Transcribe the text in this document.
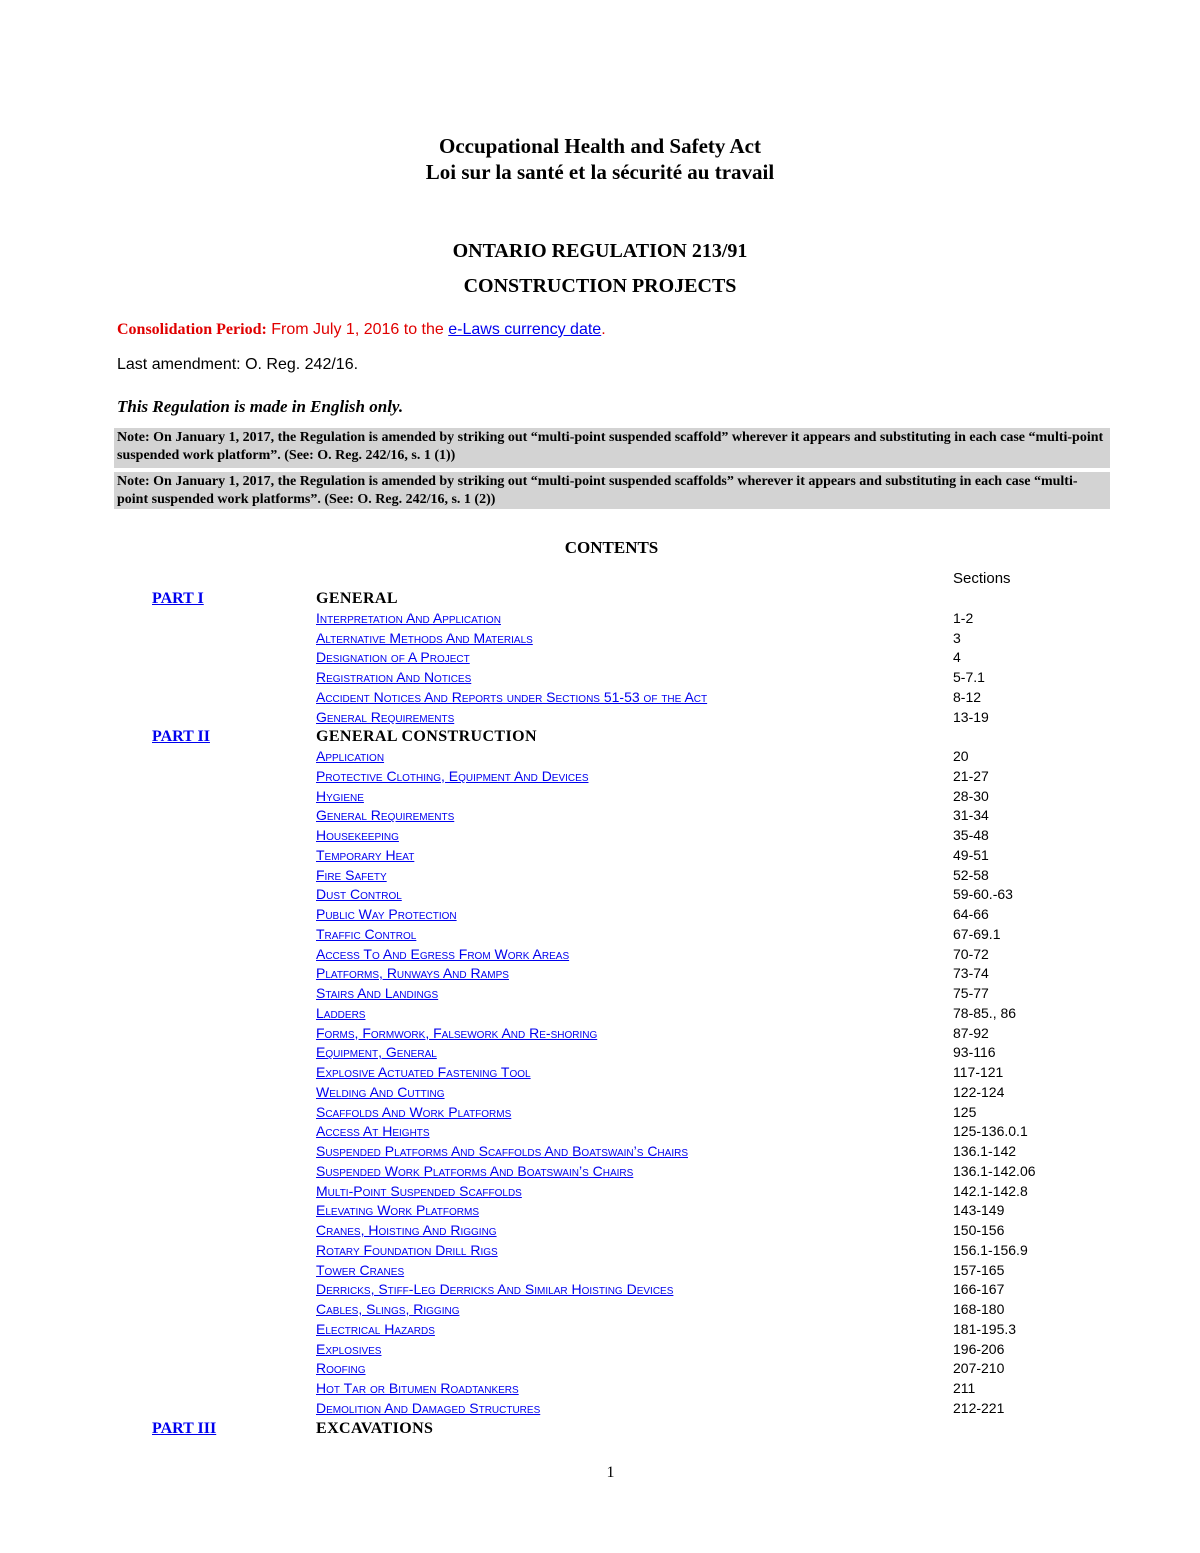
Occupational Health and Safety Act
Loi sur la santé et la sécurité au travail
ONTARIO REGULATION 213/91
CONSTRUCTION PROJECTS
Consolidation Period: From July 1, 2016 to the e-Laws currency date.
Last amendment: O. Reg. 242/16.
This Regulation is made in English only.
Note: On January 1, 2017, the Regulation is amended by striking out “multi-point suspended scaffold” wherever it appears and substituting in each case “multi-point suspended work platform”. (See: O. Reg. 242/16, s. 1 (1))
Note: On January 1, 2017, the Regulation is amended by striking out “multi-point suspended scaffolds” wherever it appears and substituting in each case “multi-point suspended work platforms”. (See: O. Reg. 242/16, s. 1 (2))
CONTENTS
Sections
PART I	GENERAL
Interpretation And Application	1-2
Alternative Methods And Materials	3
Designation of A Project	4
Registration And Notices	5-7.1
Accident Notices And Reports under Sections 51-53 of the Act	8-12
General Requirements	13-19
PART II	GENERAL CONSTRUCTION
Application	20
Protective Clothing, Equipment And Devices	21-27
Hygiene	28-30
General Requirements	31-34
Housekeeping	35-48
Temporary Heat	49-51
Fire Safety	52-58
Dust Control	59-60.-63
Public Way Protection	64-66
Traffic Control	67-69.1
Access To And Egress From Work Areas	70-72
Platforms, Runways And Ramps	73-74
Stairs And Landings	75-77
Ladders	78-85., 86
Forms, Formwork, Falsework And Re-shoring	87-92
Equipment, General	93-116
Explosive Actuated Fastening Tool	117-121
Welding And Cutting	122-124
Scaffolds And Work Platforms	125
Access At Heights	125-136.0.1
Suspended Platforms And Scaffolds And Boatswain’s Chairs	136.1-142
Suspended Work Platforms And Boatswain’s Chairs	136.1-142.06
Multi-Point Suspended Scaffolds	142.1-142.8
Elevating Work Platforms	143-149
Cranes, Hoisting And Rigging	150-156
Rotary Foundation Drill Rigs	156.1-156.9
Tower Cranes	157-165
Derricks, Stiff-Leg Derricks And Similar Hoisting Devices	166-167
Cables, Slings, Rigging	168-180
Electrical Hazards	181-195.3
Explosives	196-206
Roofing	207-210
Hot Tar or Bitumen Roadtankers	211
Demolition And Damaged Structures	212-221
PART III	EXCAVATIONS
1
